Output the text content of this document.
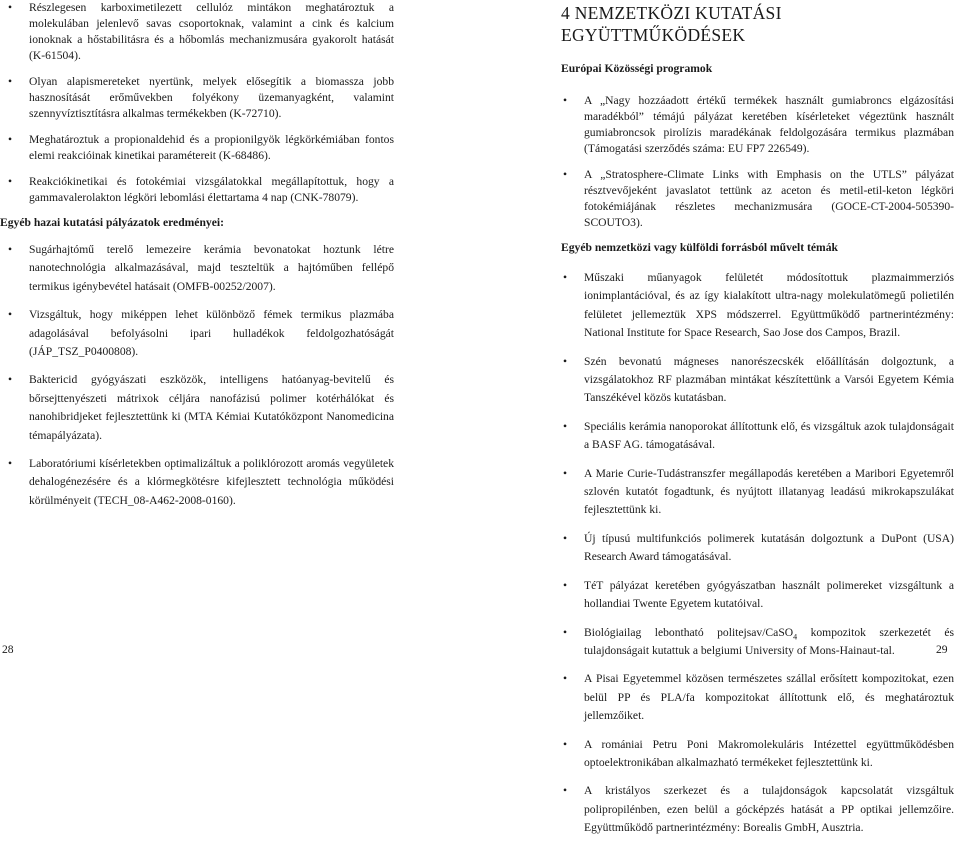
• Részlegesen karboximetilezett cellulóz mintákon meghatároztuk a molekulában jelenlevő savas csoportoknak, valamint a cink és kalcium ionoknak a hőstabilitásra és a hőbomlás mechanizmusára gyakorolt hatását (K-61504).
• Olyan alapismereteket nyertünk, melyek elősegítik a biomassza jobb hasznosítását erőművekben folyékony üzemanyagként, valamint szennyvíztisztításra alkalmas termékekben (K-72710).
• Meghatároztuk a propionaldehid és a propionilgyök légkörkémiában fontos elemi reakcióinak kinetikai paramétereit (K-68486).
• Reakciókinetikai és fotokémiai vizsgálatokkal megállapítottuk, hogy a gammavalerolakton légköri lebomlási élettartama 4 nap (CNK-78079).
Egyéb hazai kutatási pályázatok eredményei:
• Sugárhajtómű terelő lemezeire kerámia bevonatokat hoztunk létre nanotechnológia alkalmazásával, majd teszteltük a hajtóműben fellépő termikus igénybevétel hatásait (OMFB-00252/2007).
• Vizsgáltuk, hogy miképpen lehet különböző fémek termikus plazmába adagolásával befolyásolni ipari hulladékok feldolgozhatóságát (JÁP_TSZ_P0400808).
• Baktericid gyógyászati eszközök, intelligens hatóanyag-bevitelű és bőrsejttenyészeti mátrixok céljára nanofázisú polimer kotérhálókat és nanohibridjeket fejlesztettünk ki (MTA Kémiai Kutatóközpont Nanomedicina témapályázata).
• Laboratóriumi kísérletekben optimalizáltuk a poliklórozott aromás vegyületek dehalogénezésére és a klórmegkötésre kifejlesztett technológia működési körülményeit (TECH_08-A462-2008-0160).
4 NEMZETKÖZI KUTATÁSI EGYÜTTMŰKÖDÉSEK
Európai Közösségi programok
• A „Nagy hozzáadott értékű termékek használt gumiabroncs elgázosítási maradékból” témájú pályázat keretében kísérleteket végeztünk használt gumiabroncsok pirolízis maradékának feldolgozására termikus plazmában (Támogatási szerződés száma: EU FP7 226549).
• A „Stratosphere-Climate Links with Emphasis on the UTLS” pályázat résztvevőjeként javaslatot tettünk az aceton és metil-etil-keton légköri fotokémiájának részletes mechanizmusára (GOCE-CT-2004-505390-SCOUTO3).
Egyéb nemzetközi vagy külföldi forrásból művelt témák
• Műszaki műanyagok felületét módosítottuk plazmaimmerziós ionimplantációval, és az így kialakított ultra-nagy molekulatömegű polietilén felületet jellemeztük XPS módszerrel. Együttműködő partnerintézmény: National Institute for Space Research, Sao Jose dos Campos, Brazil.
• Szén bevonatú mágneses nanorészecskék előállításán dolgoztunk, a vizsgálatokhoz RF plazmában mintákat készítettünk a Varsói Egyetem Kémia Tanszékével közös kutatásban.
• Speciális kerámia nanoporokat állítottunk elő, és vizsgáltuk azok tulajdonságait a BASF AG. támogatásával.
• A Marie Curie-Tudástranszfer megállapodás keretében a Maribori Egyetemről szlovén kutatót fogadtunk, és nyújtott illatanyag leadású mikrokapszulákat fejlesztettünk ki.
• Új típusú multifunkciós polimerek kutatásán dolgoztunk a DuPont (USA) Research Award támogatásával.
• TéT pályázat keretében gyógyászatban használt polimereket vizsgáltunk a hollandiai Twente Egyetem kutatóival.
• Biológiailag lebontható politejsav/CaSO$_4$ kompozitok szerkezetét és tulajdonságait kutattuk a belgiumi University of Mons-Hainaut-tal.
• A Pisai Egyetemmel közösen természetes szállal erősített kompozitokat, ezen belül PP és PLA/fa kompozitokat állítottunk elő, és meghatároztuk jellemzőiket.
• A romániai Petru Poni Makromolekuláris Intézettel együttműködésben optoelektronikában alkalmazható termékeket fejlesztettünk ki.
• A kristályos szerkezet és a tulajdonságok kapcsolatát vizsgáltuk polipropilénben, ezen belül a gócképzés hatását a PP optikai jellemzőire. Együttműködő partnerintézmény: Borealis GmbH, Ausztria.
28	29
